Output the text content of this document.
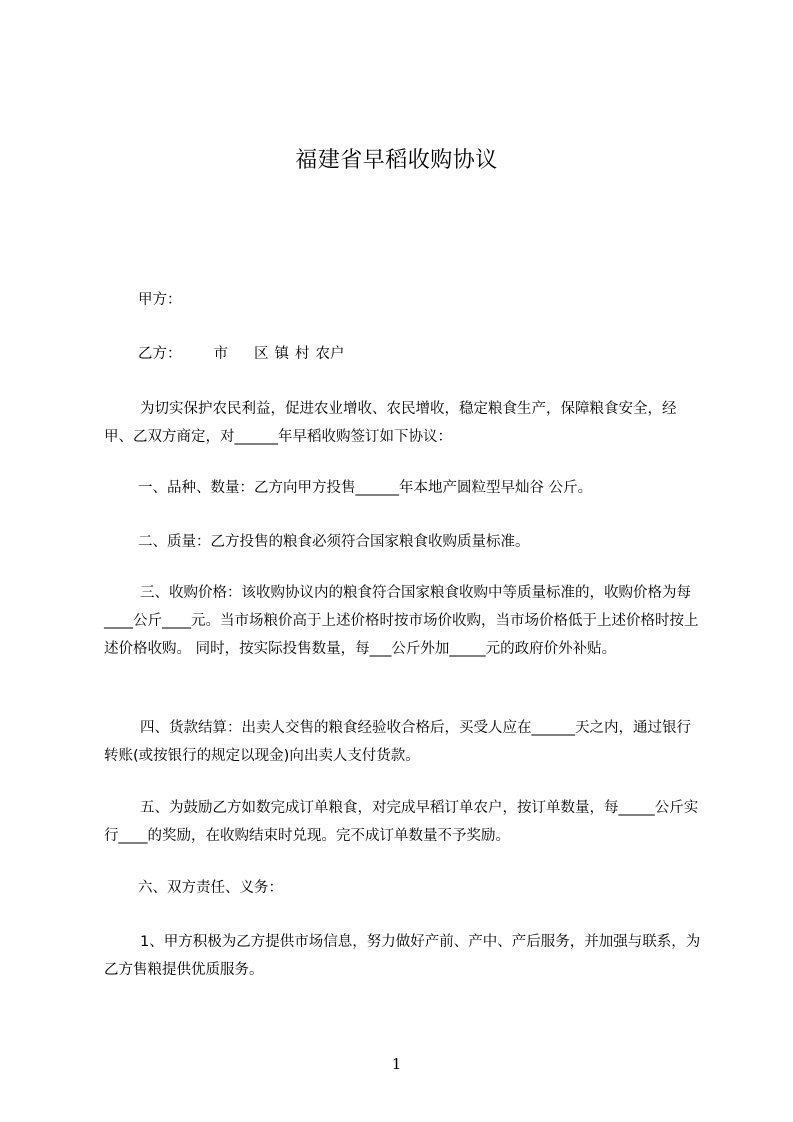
福建省早稻收购协议
甲方：
乙方： 市 区 镇 村 农户
为切实保护农民利益，促进农业增收、农民增收，稳定粮食生产，保障粮食安全，经甲、乙双方商定，对______年早稻收购签订如下协议：
一、品种、数量：乙方向甲方投售______年本地产圆粒型早灿谷 公斤。
二、质量：乙方投售的粮食必须符合国家粮食收购质量标准。
三、收购价格：该收购协议内的粮食符合国家粮食收购中等质量标准的，收购价格为每____公斤____元。当市场粮价高于上述价格时按市场价收购，当市场价格低于上述价格时按上述价格收购。 同时，按实际投售数量，每___公斤外加_____元的政府价外补贴。
四、货款结算：出卖人交售的粮食经验收合格后，买受人应在______天之内，通过银行转账(或按银行的规定以现金)向出卖人支付货款。
五、为鼓励乙方如数完成订单粮食，对完成早稻订单农户，按订单数量，每_____公斤实行____的奖励，在收购结束时兑现。完不成订单数量不予奖励。
六、双方责任、义务：
1、甲方积极为乙方提供市场信息，努力做好产前、产中、产后服务，并加强与联系，为乙方售粮提供优质服务。
1
